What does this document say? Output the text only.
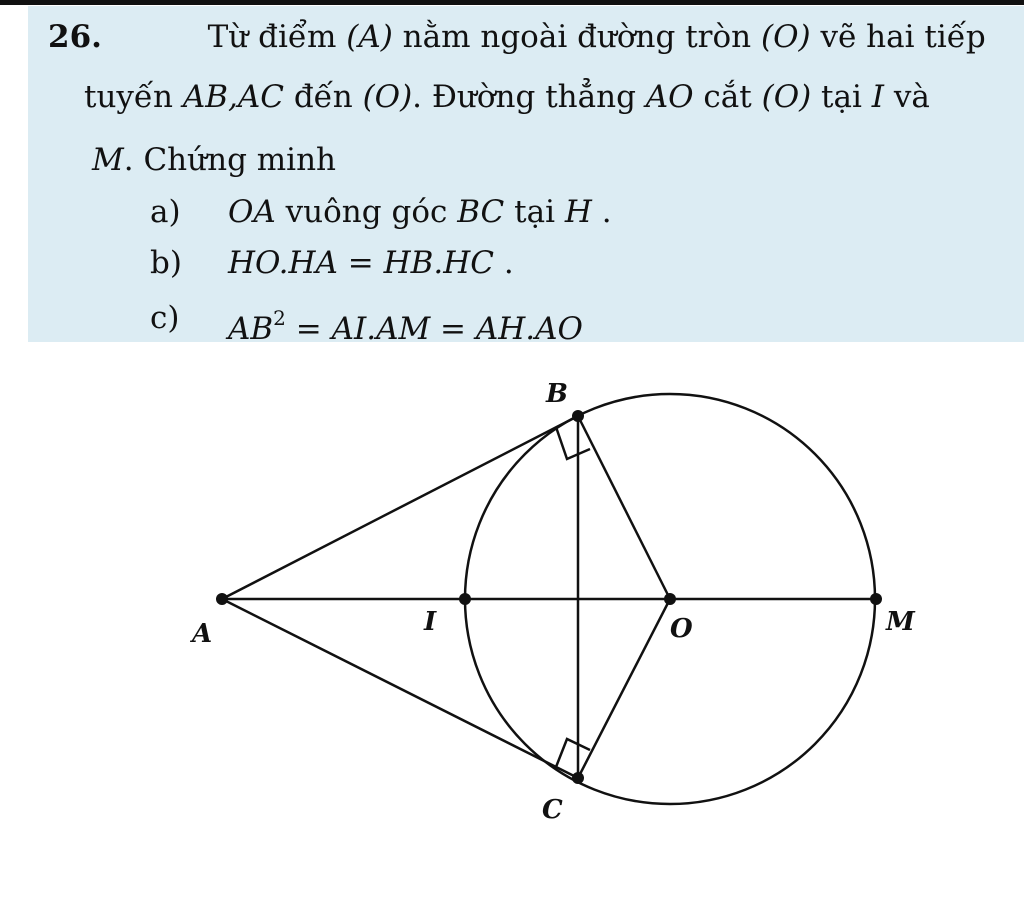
26.	Từ điểm (A) nằm ngoài đường tròn (O) vẽ hai tiếp
tuyến AB,AC đến (O). Đường thẳng AO cắt (O) tại I và
M. Chứng minh
a) OA vuông góc BC tại H .
b) HO.HA = HB.HC .
c) $AB^2 = AI.AM = AH.AO$
B
A	I	O	M
C
